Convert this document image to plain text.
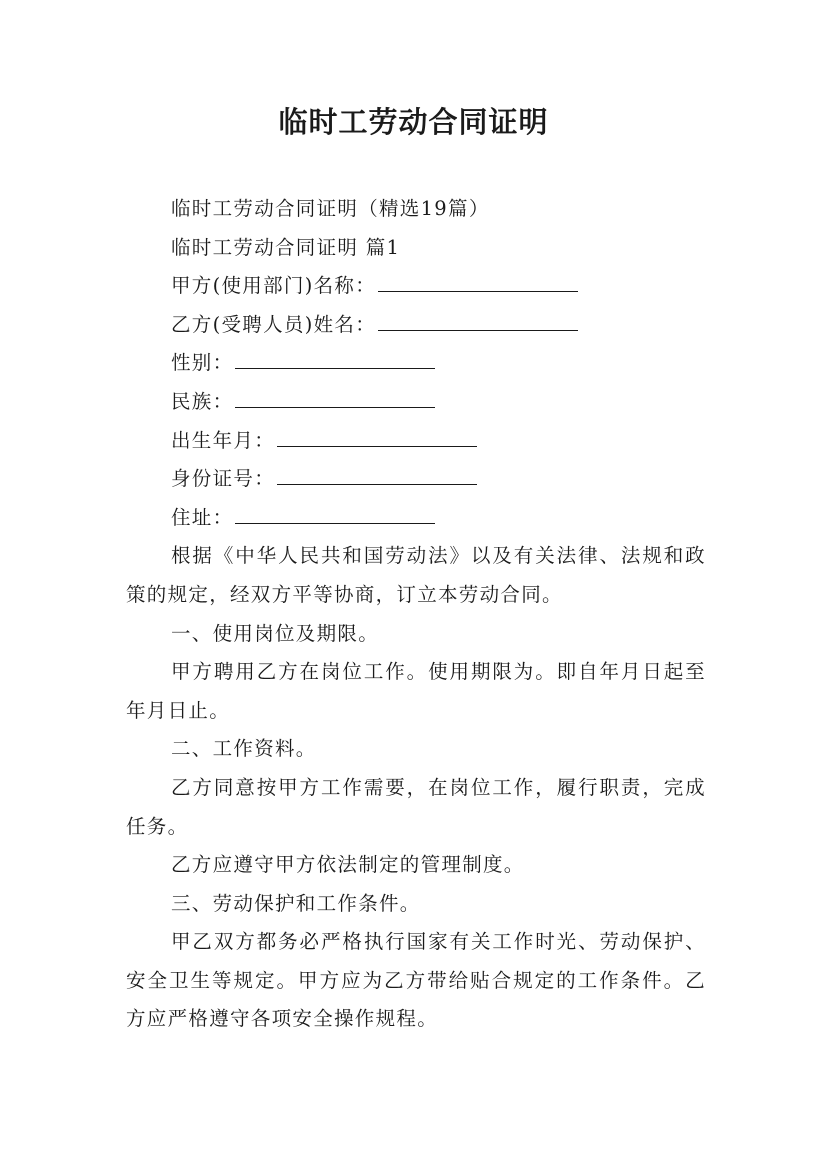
临时工劳动合同证明

临时工劳动合同证明（精选19篇）

临时工劳动合同证明 篇1

甲方(使用部门)名称：

乙方(受聘人员)姓名：

性别：

民族：

出生年月：

身份证号：

住址：

根据《中华人民共和国劳动法》以及有关法律、法规和政策的规定，经双方平等协商，订立本劳动合同。

一、使用岗位及期限。

甲方聘用乙方在岗位工作。使用期限为。即自年月日起至年月日止。

二、工作资料。

乙方同意按甲方工作需要，在岗位工作，履行职责，完成任务。

乙方应遵守甲方依法制定的管理制度。

三、劳动保护和工作条件。

甲乙双方都务必严格执行国家有关工作时光、劳动保护、安全卫生等规定。甲方应为乙方带给贴合规定的工作条件。乙方应严格遵守各项安全操作规程。
